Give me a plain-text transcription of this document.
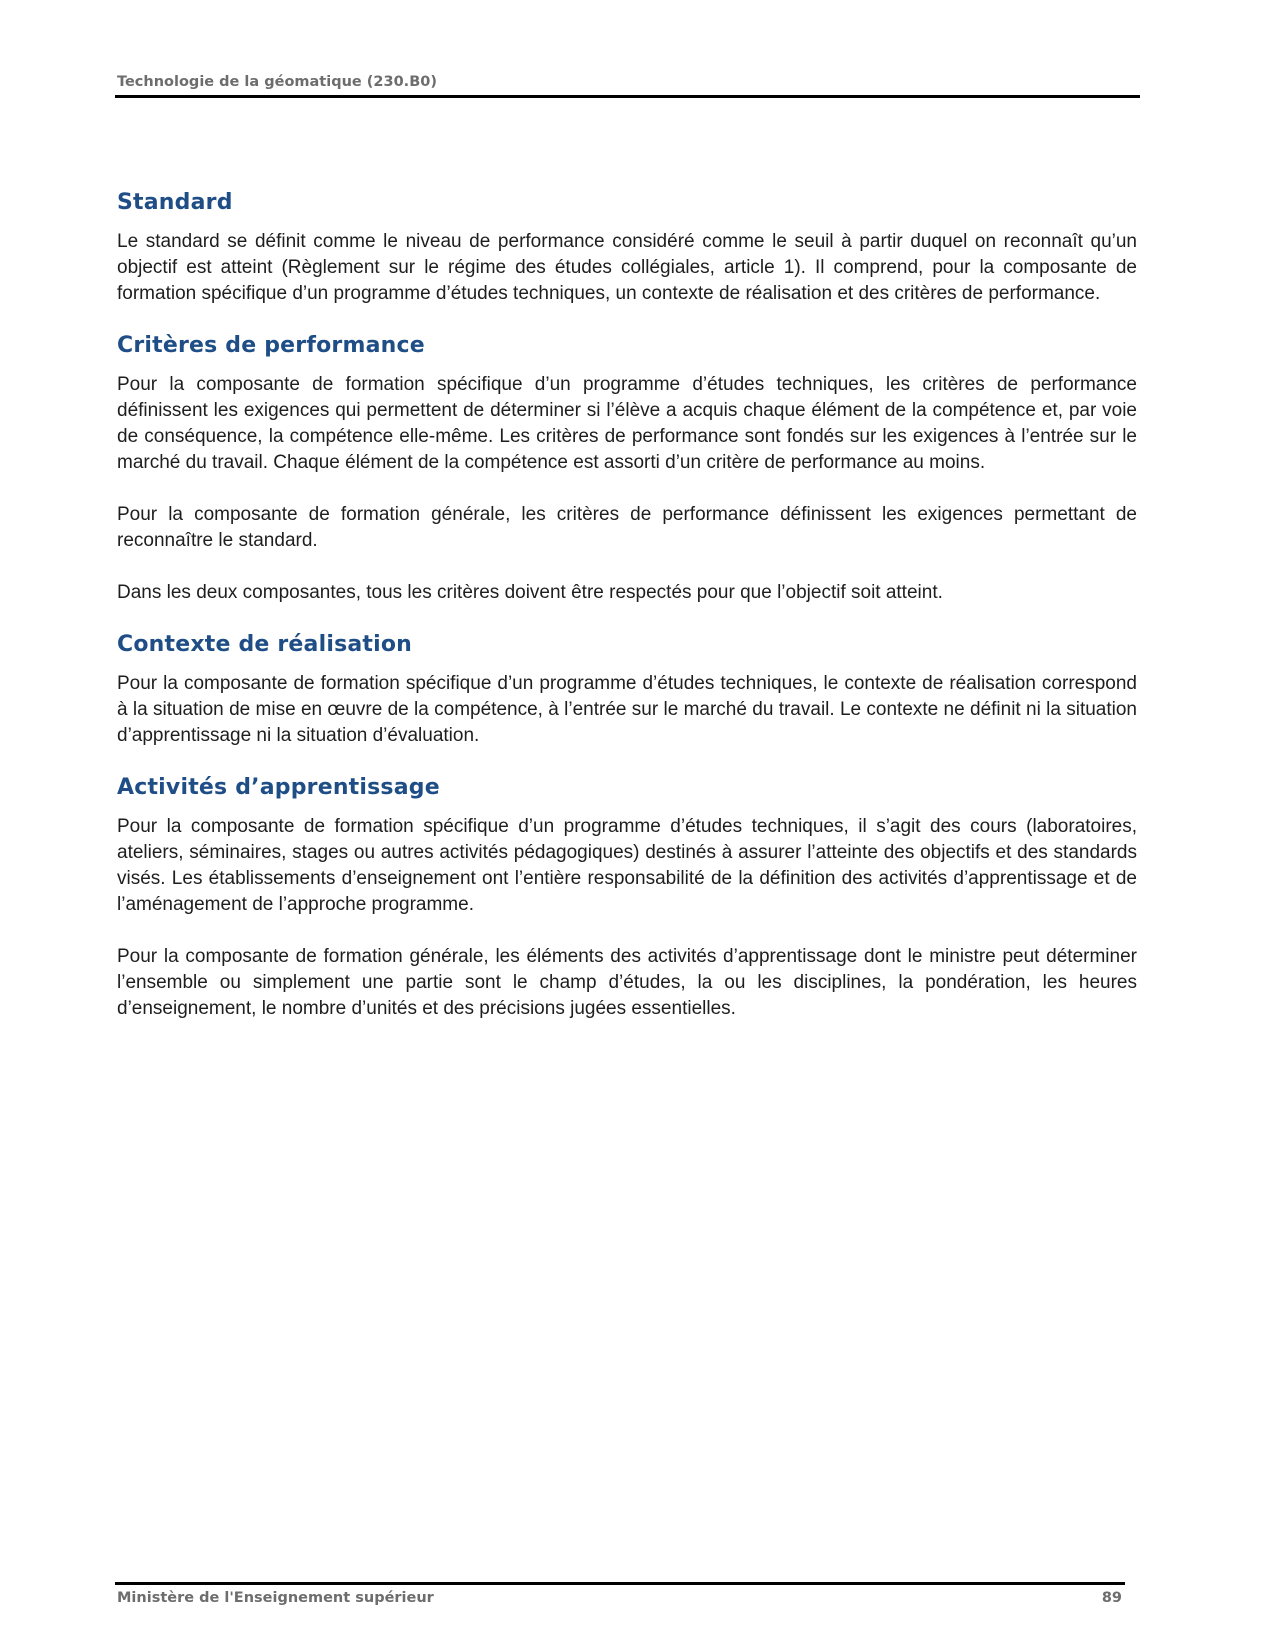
Technologie de la géomatique (230.B0)
Standard

Le standard se définit comme le niveau de performance considéré comme le seuil à partir duquel on reconnaît qu’un objectif est atteint (Règlement sur le régime des études collégiales, article 1). Il comprend, pour la composante de formation spécifique d’un programme d’études techniques, un contexte de réalisation et des critères de performance.

Critères de performance

Pour la composante de formation spécifique d’un programme d’études techniques, les critères de performance définissent les exigences qui permettent de déterminer si l’élève a acquis chaque élément de la compétence et, par voie de conséquence, la compétence elle-même. Les critères de performance sont fondés sur les exigences à l’entrée sur le marché du travail. Chaque élément de la compétence est assorti d’un critère de performance au moins.

Pour la composante de formation générale, les critères de performance définissent les exigences permettant de reconnaître le standard.

Dans les deux composantes, tous les critères doivent être respectés pour que l’objectif soit atteint.

Contexte de réalisation

Pour la composante de formation spécifique d’un programme d’études techniques, le contexte de réalisation correspond à la situation de mise en œuvre de la compétence, à l’entrée sur le marché du travail. Le contexte ne définit ni la situation d’apprentissage ni la situation d’évaluation.

Activités d’apprentissage

Pour la composante de formation spécifique d’un programme d’études techniques, il s’agit des cours (laboratoires, ateliers, séminaires, stages ou autres activités pédagogiques) destinés à assurer l’atteinte des objectifs et des standards visés. Les établissements d’enseignement ont l’entière responsabilité de la définition des activités d’apprentissage et de l’aménagement de l’approche programme.

Pour la composante de formation générale, les éléments des activités d’apprentissage dont le ministre peut déterminer l’ensemble ou simplement une partie sont le champ d’études, la ou les disciplines, la pondération, les heures d’enseignement, le nombre d’unités et des précisions jugées essentielles.

Ministère de l'Enseignement supérieur	89
